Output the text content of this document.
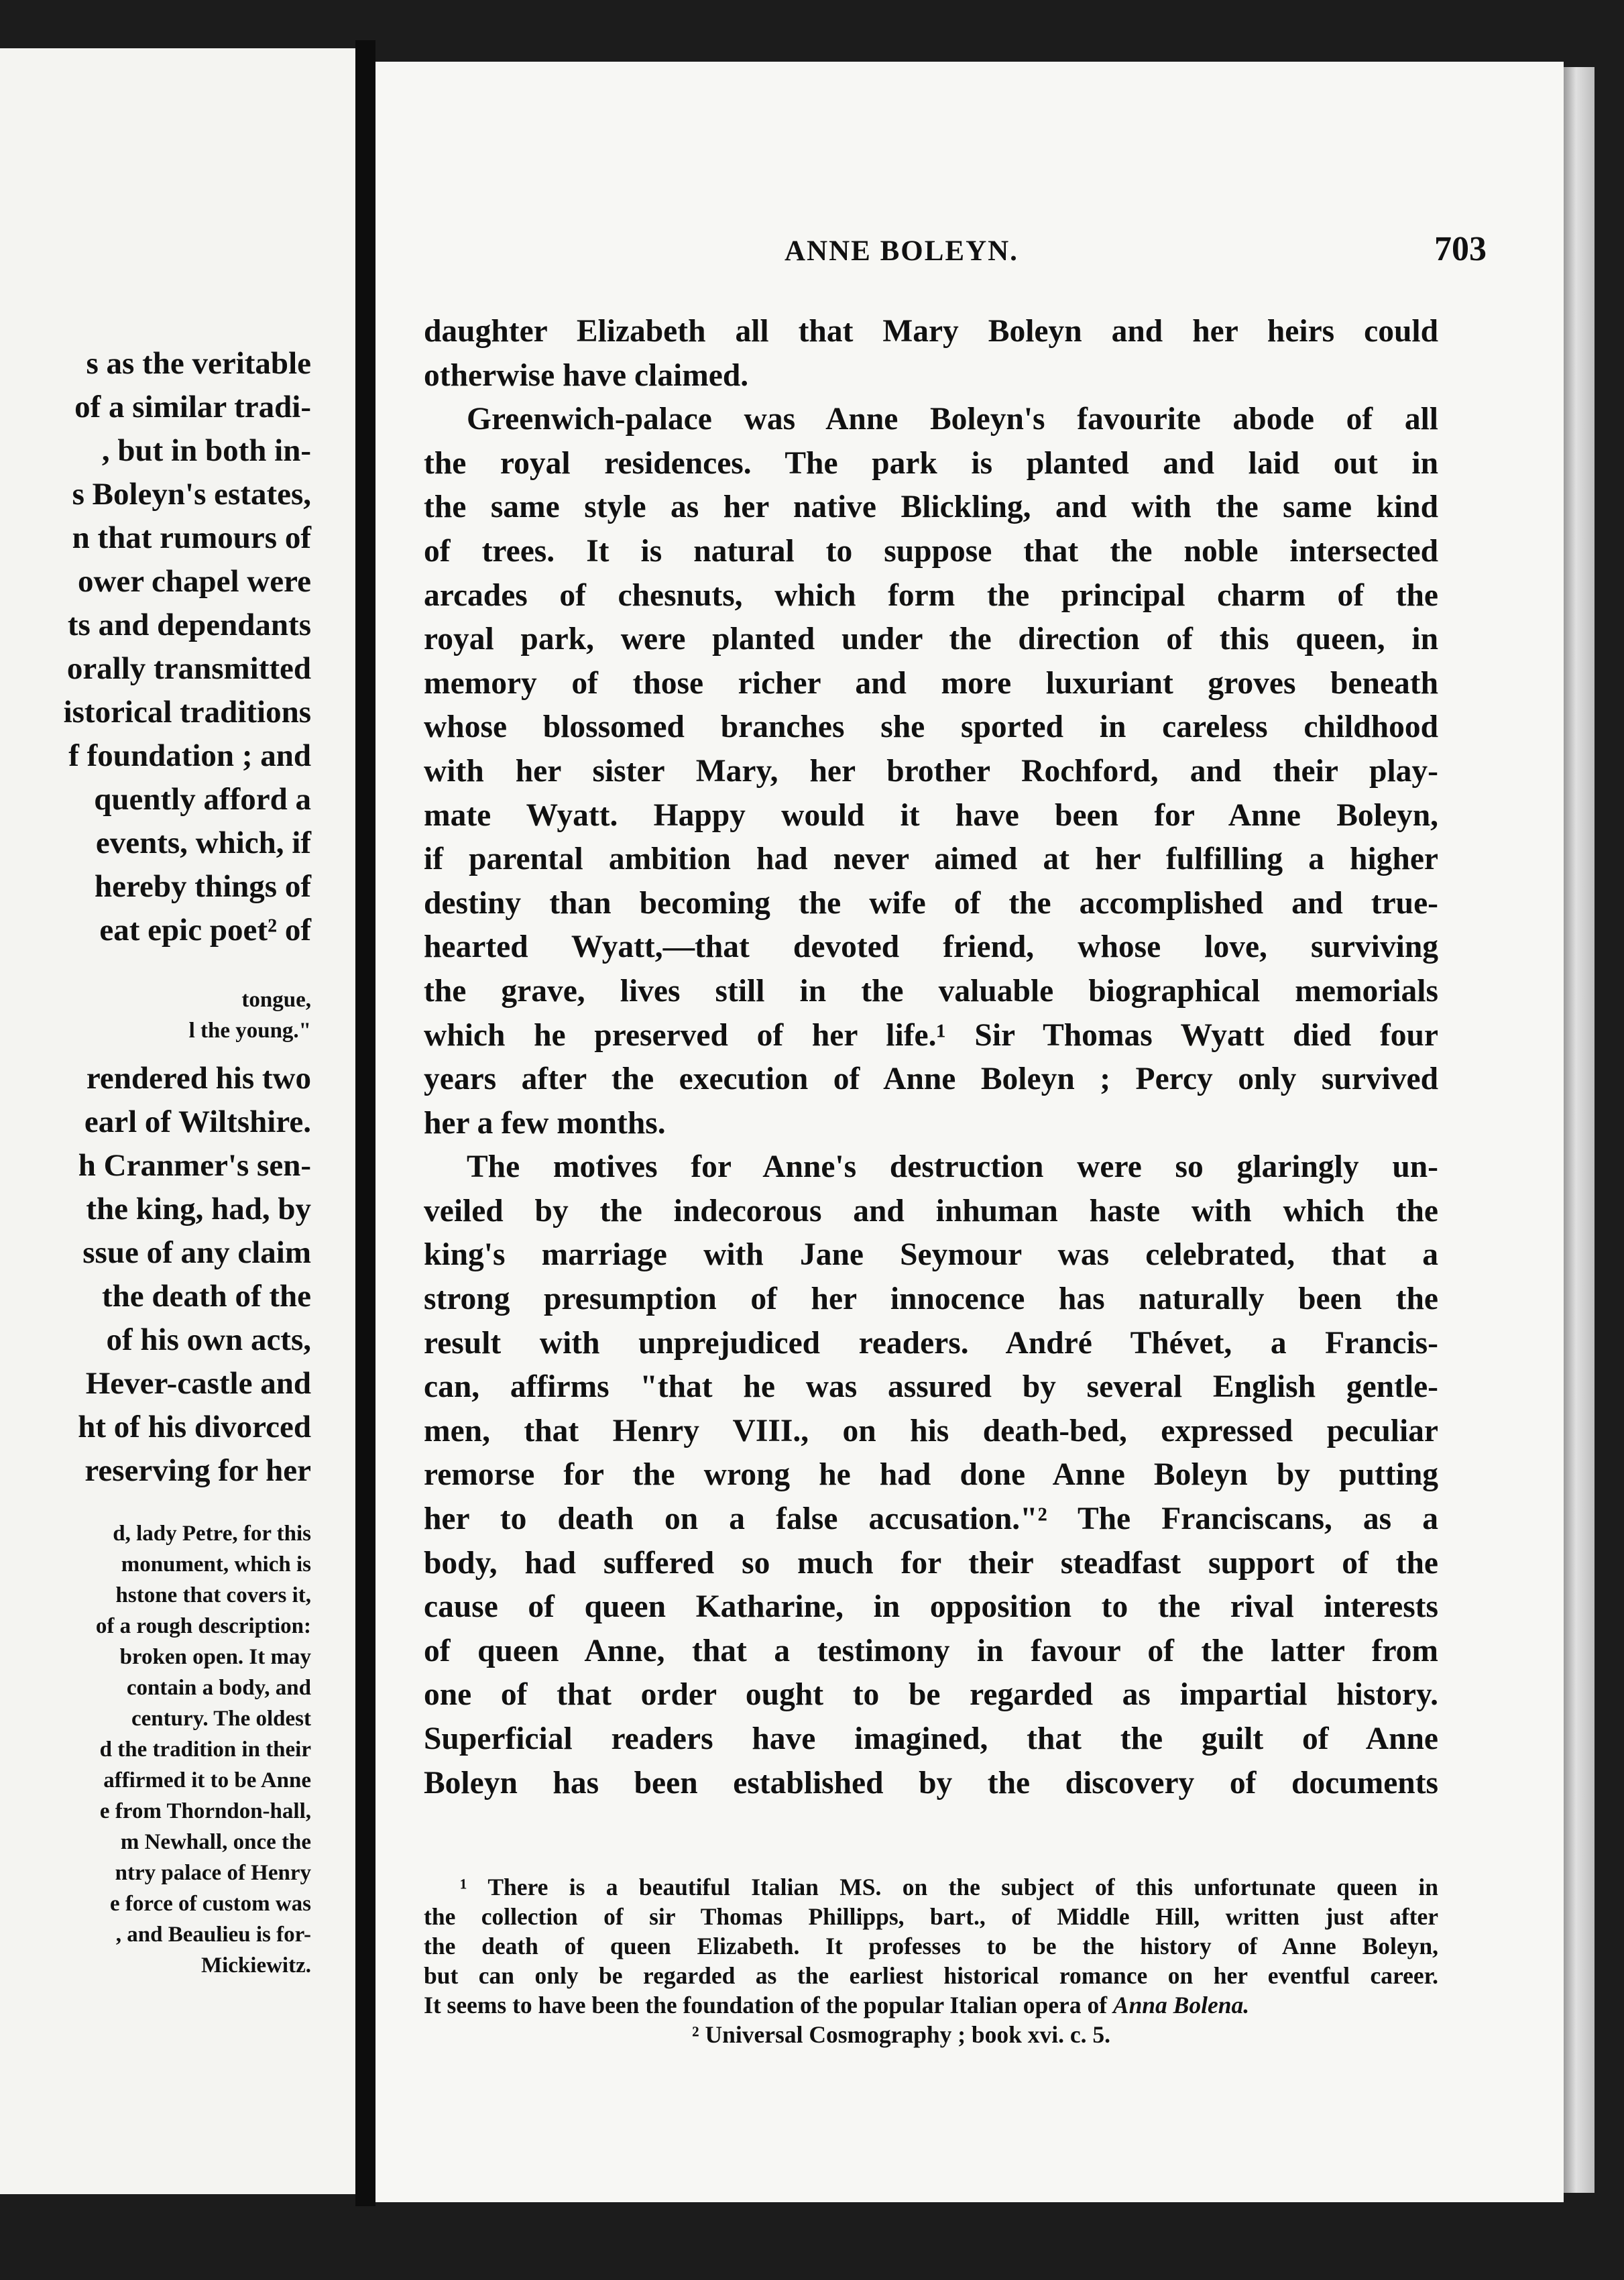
s as the veritable
of a similar tradi-
, but in both in-
s Boleyn's estates,
n that rumours of
ower chapel were
ts and dependants
orally transmitted
istorical traditions
f foundation ; and
quently afford a
events, which, if
hereby things of
eat epic poet² of
tongue,
l the young."
rendered his two
earl of Wiltshire.
h Cranmer's sen-
the king, had, by
ssue of any claim
the death of the
of his own acts,
Hever-castle and
ht of his divorced
reserving for her
d, lady Petre, for this
monument, which is
hstone that covers it,
of a rough description:
broken open. It may
contain a body, and
century. The oldest
d the tradition in their
affirmed it to be Anne
e from Thorndon-hall,
m Newhall, once the
ntry palace of Henry
e force of custom was
, and Beaulieu is for-
Mickiewitz.
ANNE BOLEYN.	703
daughter Elizabeth all that Mary Boleyn and her heirs could
otherwise have claimed.
Greenwich-palace was Anne Boleyn's favourite abode of all
the royal residences. The park is planted and laid out in
the same style as her native Blickling, and with the same kind
of trees. It is natural to suppose that the noble intersected
arcades of chesnuts, which form the principal charm of the
royal park, were planted under the direction of this queen, in
memory of those richer and more luxuriant groves beneath
whose blossomed branches she sported in careless childhood
with her sister Mary, her brother Rochford, and their play-
mate Wyatt. Happy would it have been for Anne Boleyn,
if parental ambition had never aimed at her fulfilling a higher
destiny than becoming the wife of the accomplished and true-
hearted Wyatt,—that devoted friend, whose love, surviving
the grave, lives still in the valuable biographical memorials
which he preserved of her life.¹ Sir Thomas Wyatt died four
years after the execution of Anne Boleyn ; Percy only survived
her a few months.
The motives for Anne's destruction were so glaringly un-
veiled by the indecorous and inhuman haste with which the
king's marriage with Jane Seymour was celebrated, that a
strong presumption of her innocence has naturally been the
result with unprejudiced readers. André Thévet, a Francis-
can, affirms "that he was assured by several English gentle-
men, that Henry VIII., on his death-bed, expressed peculiar
remorse for the wrong he had done Anne Boleyn by putting
her to death on a false accusation."² The Franciscans, as a
body, had suffered so much for their steadfast support of the
cause of queen Katharine, in opposition to the rival interests
of queen Anne, that a testimony in favour of the latter from
one of that order ought to be regarded as impartial history.
Superficial readers have imagined, that the guilt of Anne
Boleyn has been established by the discovery of documents
¹ There is a beautiful Italian MS. on the subject of this unfortunate queen in
the collection of sir Thomas Phillipps, bart., of Middle Hill, written just after
the death of queen Elizabeth. It professes to be the history of Anne Boleyn,
but can only be regarded as the earliest historical romance on her eventful career.
It seems to have been the foundation of the popular Italian opera of Anna Bolena.
² Universal Cosmography ; book xvi. c. 5.
